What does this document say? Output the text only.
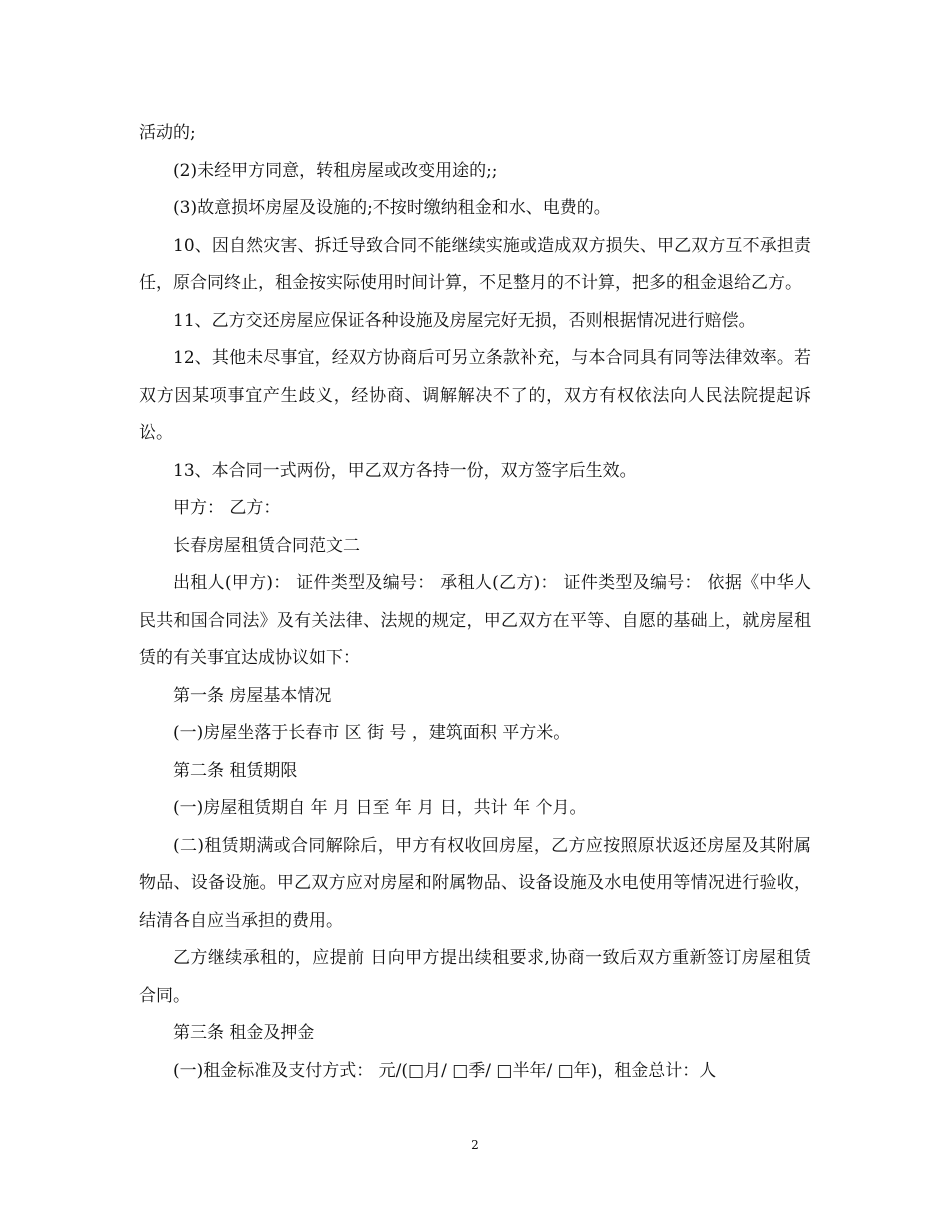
活动的;

(2)未经甲方同意，转租房屋或改变用途的;;

(3)故意损坏房屋及设施的;不按时缴纳租金和水、电费的。

10、因自然灾害、拆迁导致合同不能继续实施或造成双方损失、甲乙双方互不承担责任，原合同终止，租金按实际使用时间计算，不足整月的不计算，把多的租金退给乙方。

11、乙方交还房屋应保证各种设施及房屋完好无损，否则根据情况进行赔偿。

12、其他未尽事宜，经双方协商后可另立条款补充，与本合同具有同等法律效率。若双方因某项事宜产生歧义，经协商、调解解决不了的，双方有权依法向人民法院提起诉讼。

13、本合同一式两份，甲乙双方各持一份，双方签字后生效。

甲方： 乙方：

长春房屋租赁合同范文二

出租人(甲方)： 证件类型及编号： 承租人(乙方)： 证件类型及编号： 依据《中华人民共和国合同法》及有关法律、法规的规定，甲乙双方在平等、自愿的基础上，就房屋租赁的有关事宜达成协议如下：

第一条 房屋基本情况

(一)房屋坐落于长春市 区 街 号 ，建筑面积 平方米。

第二条 租赁期限

(一)房屋租赁期自 年 月 日至 年 月 日，共计 年 个月。

(二)租赁期满或合同解除后，甲方有权收回房屋，乙方应按照原状返还房屋及其附属物品、设备设施。甲乙双方应对房屋和附属物品、设备设施及水电使用等情况进行验收，结清各自应当承担的费用。

乙方继续承租的，应提前 日向甲方提出续租要求,协商一致后双方重新签订房屋租赁合同。

第三条 租金及押金

(一)租金标准及支付方式： 元/(□月/ □季/ □半年/ □年)，租金总计：人

2
